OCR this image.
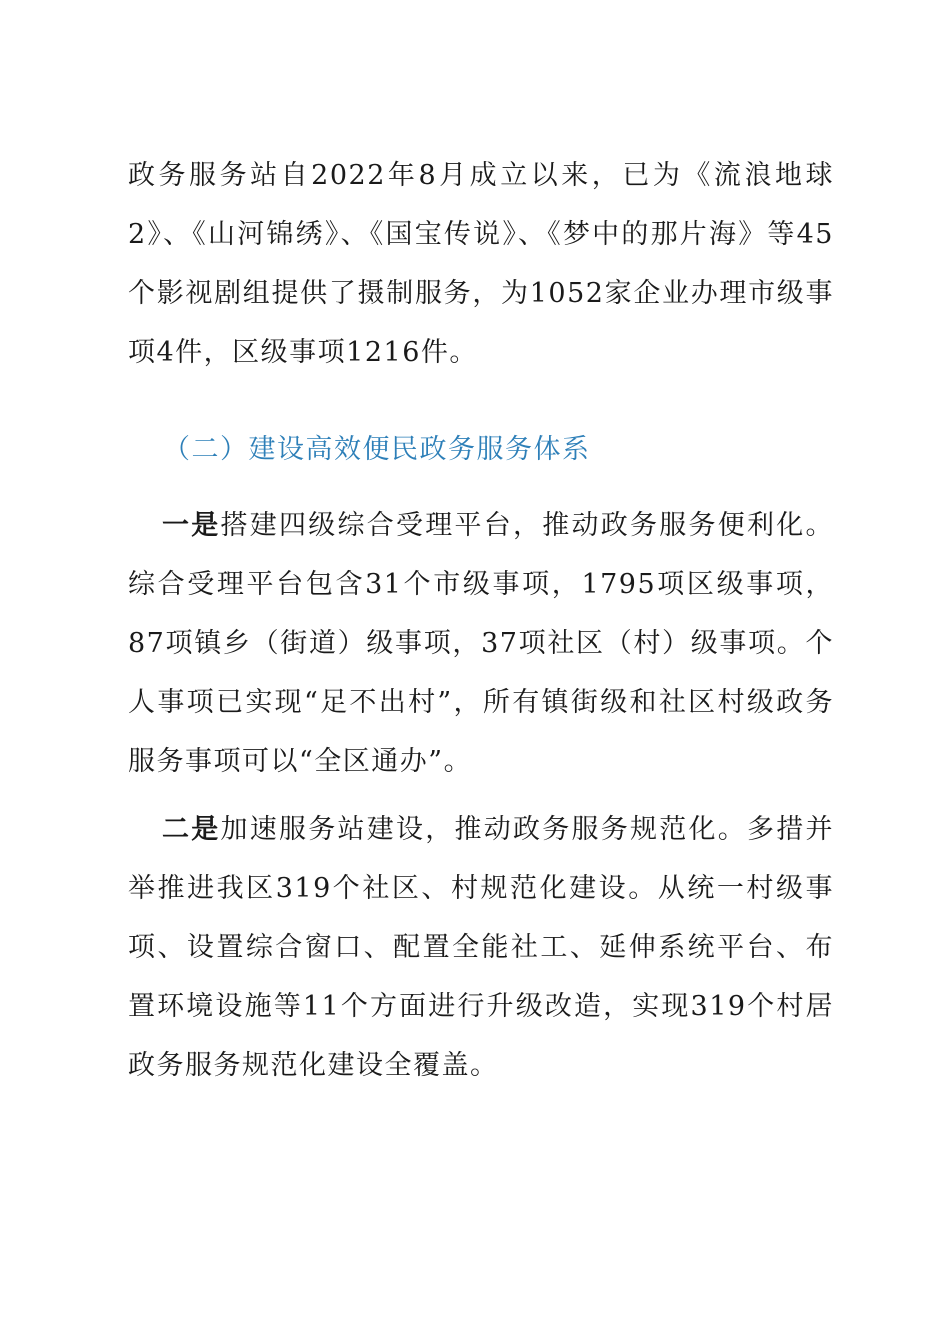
政务服务站自2022年8月成立以来，已为《流浪地球2》、《山河锦绣》、《国宝传说》、《梦中的那片海》等45个影视剧组提供了摄制服务，为1052家企业办理市级事项4件，区级事项1216件。

（二）建设高效便民政务服务体系

一是搭建四级综合受理平台，推动政务服务便利化。综合受理平台包含31个市级事项，1795项区级事项，87项镇乡（街道）级事项，37项社区（村）级事项。个人事项已实现“足不出村”，所有镇街级和社区村级政务服务事项可以“全区通办”。

二是加速服务站建设，推动政务服务规范化。多措并举推进我区319个社区、村规范化建设。从统一村级事项、设置综合窗口、配置全能社工、延伸系统平台、布置环境设施等11个方面进行升级改造，实现319个村居政务服务规范化建设全覆盖。
